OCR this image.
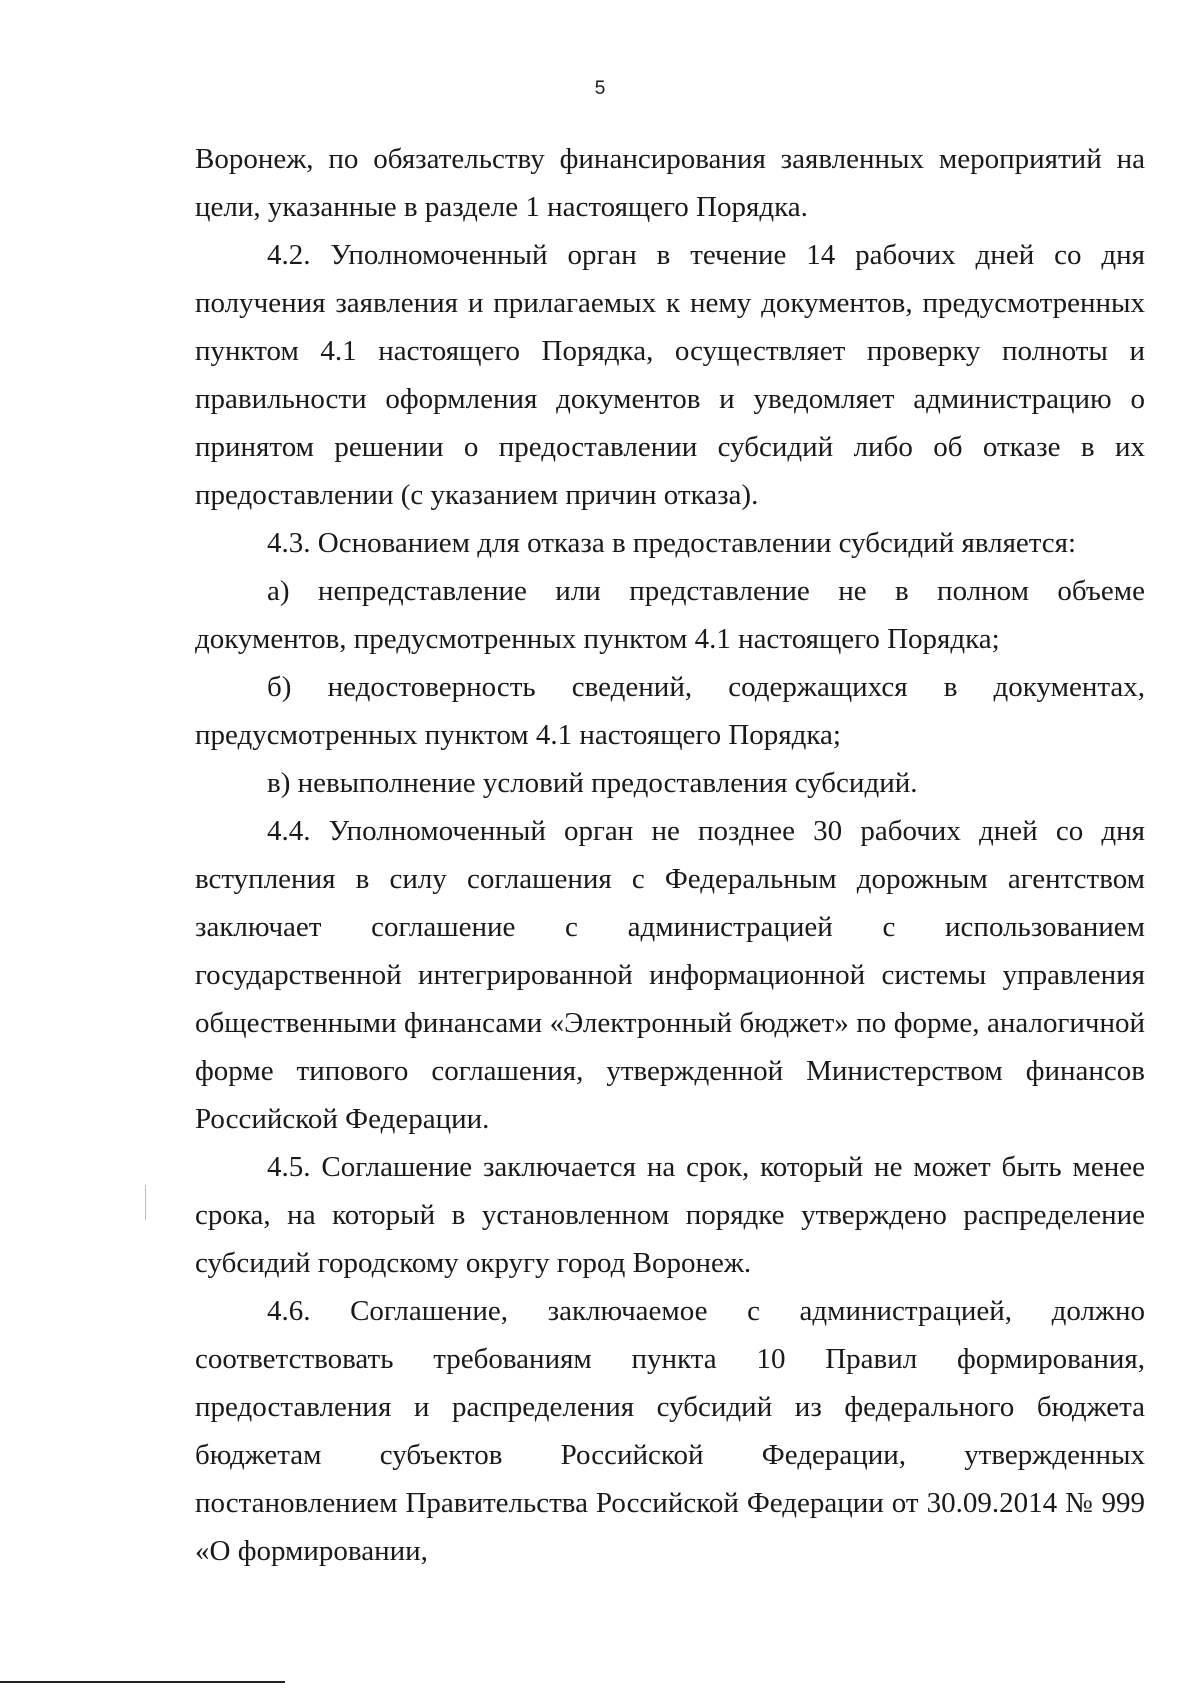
5

Воронеж, по обязательству финансирования заявленных мероприятий на цели, указанные в разделе 1 настоящего Порядка.

4.2. Уполномоченный орган в течение 14 рабочих дней со дня получения заявления и прилагаемых к нему документов, предусмотренных пунктом 4.1 настоящего Порядка, осуществляет проверку полноты и правильности оформления документов и уведомляет администрацию о принятом решении о предоставлении субсидий либо об отказе в их предоставлении (с указанием причин отказа).

4.3. Основанием для отказа в предоставлении субсидий является:

а) непредставление или представление не в полном объеме документов, предусмотренных пунктом 4.1 настоящего Порядка;

б) недостоверность сведений, содержащихся в документах, предусмотренных пунктом 4.1 настоящего Порядка;

в) невыполнение условий предоставления субсидий.

4.4. Уполномоченный орган не позднее 30 рабочих дней со дня вступления в силу соглашения с Федеральным дорожным агентством заключает соглашение с администрацией с использованием государственной интегрированной информационной системы управления общественными финансами «Электронный бюджет» по форме, аналогичной форме типового соглашения, утвержденной Министерством финансов Российской Федерации.

4.5. Соглашение заключается на срок, который не может быть менее срока, на который в установленном порядке утверждено распределение субсидий городскому округу город Воронеж.

4.6. Соглашение, заключаемое с администрацией, должно соответствовать требованиям пункта 10 Правил формирования, предоставления и распределения субсидий из федерального бюджета бюджетам субъектов Российской Федерации, утвержденных постановлением Правительства Российской Федерации от 30.09.2014 № 999 «О формировании,
